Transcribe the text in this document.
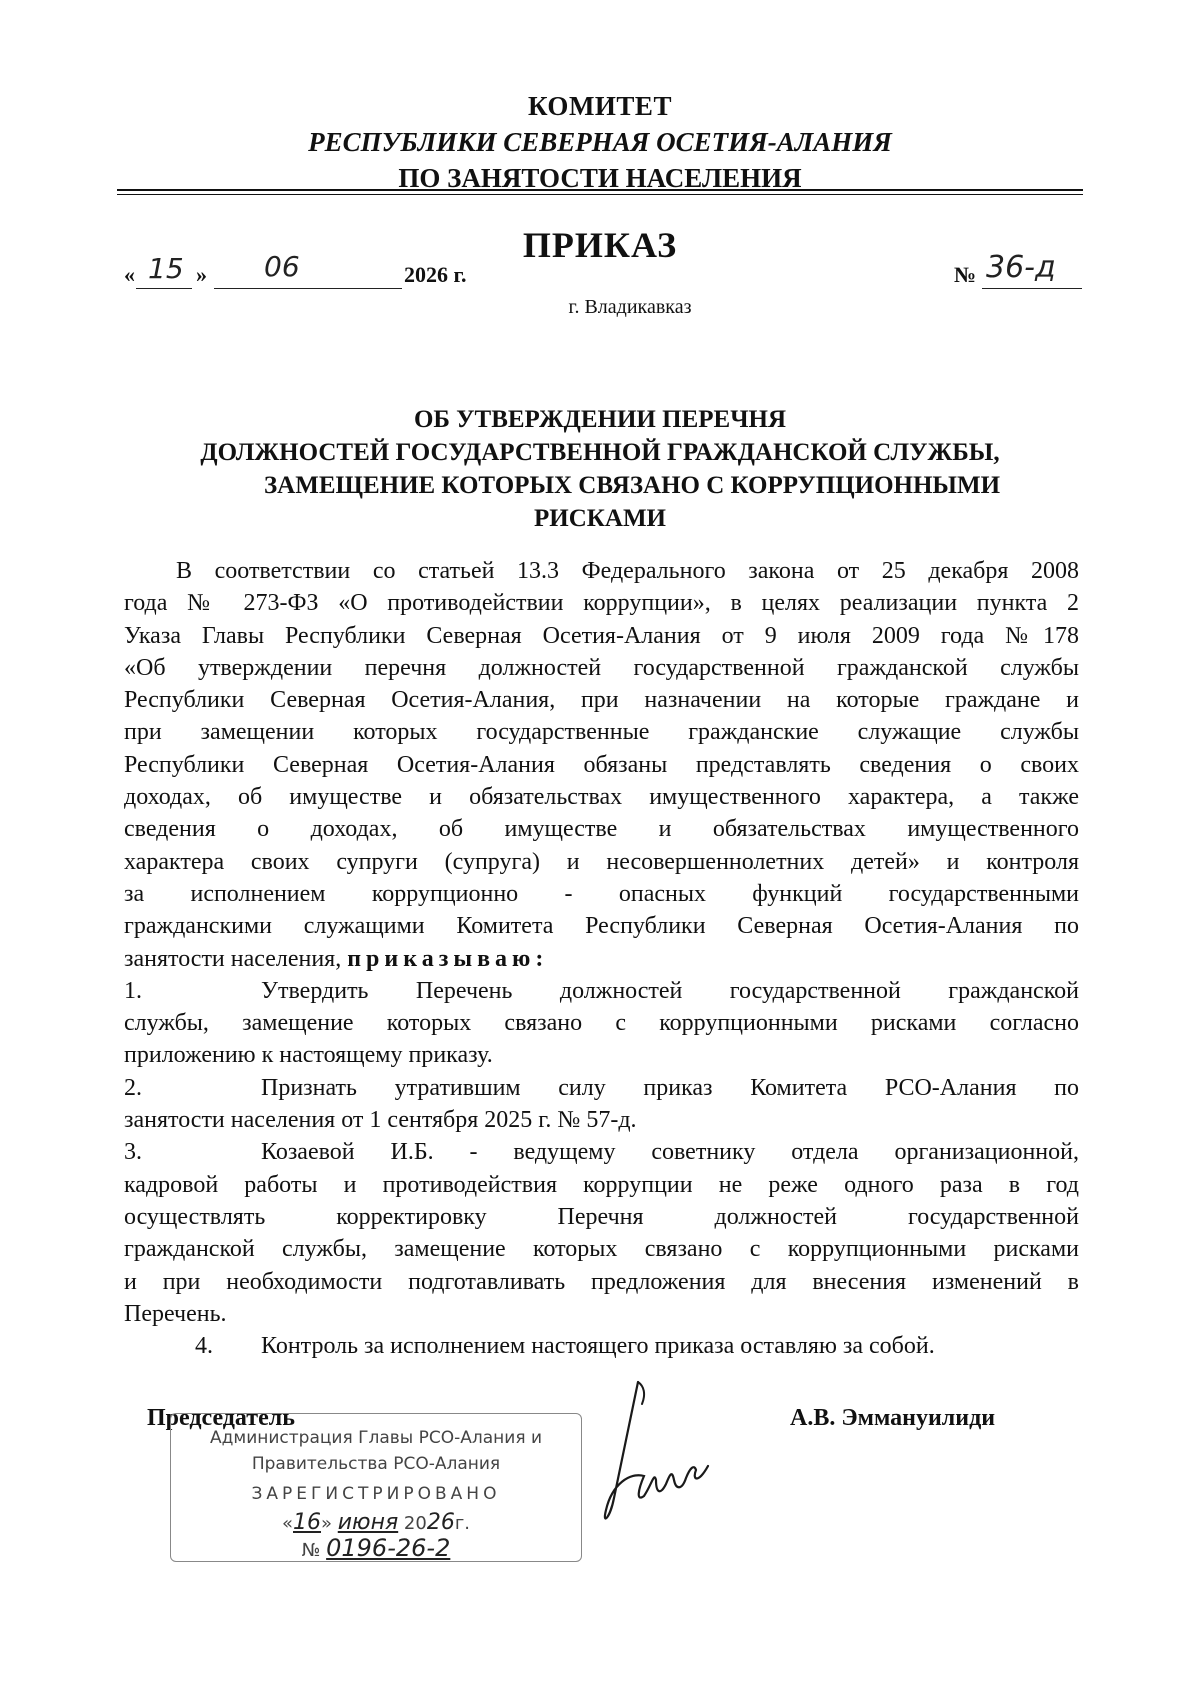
КОМИТЕТ
РЕСПУБЛИКИ СЕВЕРНАЯ ОСЕТИЯ-АЛАНИЯ
ПО ЗАНЯТОСТИ НАСЕЛЕНИЯ
ПРИКАЗ
« 15 » 06	2026 г.	№ 36-д
г. Владикавказ
ОБ УТВЕРЖДЕНИИ ПЕРЕЧНЯ
ДОЛЖНОСТЕЙ ГОСУДАРСТВЕННОЙ ГРАЖДАНСКОЙ СЛУЖБЫ,
ЗАМЕЩЕНИЕ КОТОРЫХ СВЯЗАНО С КОРРУПЦИОННЫМИ
РИСКАМИ
В соответствии со статьей 13.3 Федерального закона от 25 декабря 2008
года № 273-ФЗ «О противодействии коррупции», в целях реализации пункта 2
Указа Главы Республики Северная Осетия-Алания от 9 июля 2009 года №178
«Об утверждении перечня должностей государственной гражданской службы
Республики Северная Осетия-Алания, при назначении на которые граждане и
при замещении которых государственные гражданские служащие службы
Республики Северная Осетия-Алания обязаны представлять сведения о своих
доходах, об имуществе и обязательствах имущественного характера, а также
сведения о доходах, об имуществе и обязательствах имущественного
характера своих супруги (супруга) и несовершеннолетних детей» и контроля
за исполнением коррупционно - опасных функций государственными
гражданскими служащими Комитета Республики Северная Осетия-Алания по
занятости населения, приказываю:
1.	Утвердить Перечень должностей государственной гражданской
службы, замещение которых связано с коррупционными рисками согласно
приложению к настоящему приказу.
2.	Признать утратившим силу приказ Комитета РСО-Алания по
занятости населения от 1 сентября 2025 г. № 57-д.
3.	Козаевой И.Б. - ведущему советнику отдела организационной,
кадровой работы и противодействия коррупции не реже одного раза в год
осуществлять корректировку Перечня должностей государственной
гражданской службы, замещение которых связано с коррупционными рисками
и при необходимости подготавливать предложения для внесения изменений в
Перечень.
4. Контроль за исполнением настоящего приказа оставляю за собой.
Председатель	А.В. Эммануилиди
Администрация Главы РСО-Алания и
Правительства РСО-Алания
ЗАРЕГИСТРИРОВАНО
«16» июня 2026г.
№ 0196-26-2
